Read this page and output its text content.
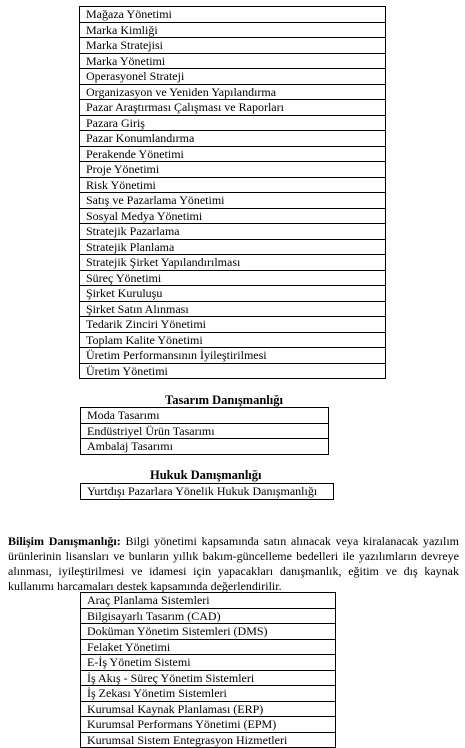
Mağaza Yönetimi
Marka Kimliği
Marka Stratejisi
Marka Yönetimi
Operasyonel Strateji
Organizasyon ve Yeniden Yapılandırma
Pazar Araştırması Çalışması ve Raporları
Pazara Giriş
Pazar Konumlandırma
Perakende Yönetimi
Proje Yönetimi
Risk Yönetimi
Satış ve Pazarlama Yönetimi
Sosyal Medya Yönetimi
Stratejik Pazarlama
Stratejik Planlama
Stratejik Şirket Yapılandırılması
Süreç Yönetimi
Şirket Kuruluşu
Şirket Satın Alınması
Tedarik Zinciri Yönetimi
Toplam Kalite Yönetimi
Üretim Performansının İyileştirilmesi
Üretim Yönetimi
Tasarım Danışmanlığı
Moda Tasarımı
Endüstriyel Ürün Tasarımı
Ambalaj Tasarımı
Hukuk Danışmanlığı
Yurtdışı Pazarlara Yönelik Hukuk Danışmanlığı

Bilişim Danışmanlığı: Bilgi yönetimi kapsamında satın alınacak veya kiralanacak yazılım ürünlerinin lisansları ve bunların yıllık bakım-güncelleme bedelleri ile yazılımların devreye alınması, iyileştirilmesi ve idamesi için yapacakları danışmanlık, eğitim ve dış kaynak kullanımı harcamaları destek kapsamında değerlendirilir.

Araç Planlama Sistemleri
Bilgisayarlı Tasarım (CAD)
Doküman Yönetim Sistemleri (DMS)
Felaket Yönetimi
E-İş Yönetim Sistemi
İş Akış - Süreç Yönetim Sistemleri
İş Zekası Yönetim Sistemleri
Kurumsal Kaynak Planlaması (ERP)
Kurumsal Performans Yönetimi (EPM)
Kurumsal Sistem Entegrasyon Hizmetleri
